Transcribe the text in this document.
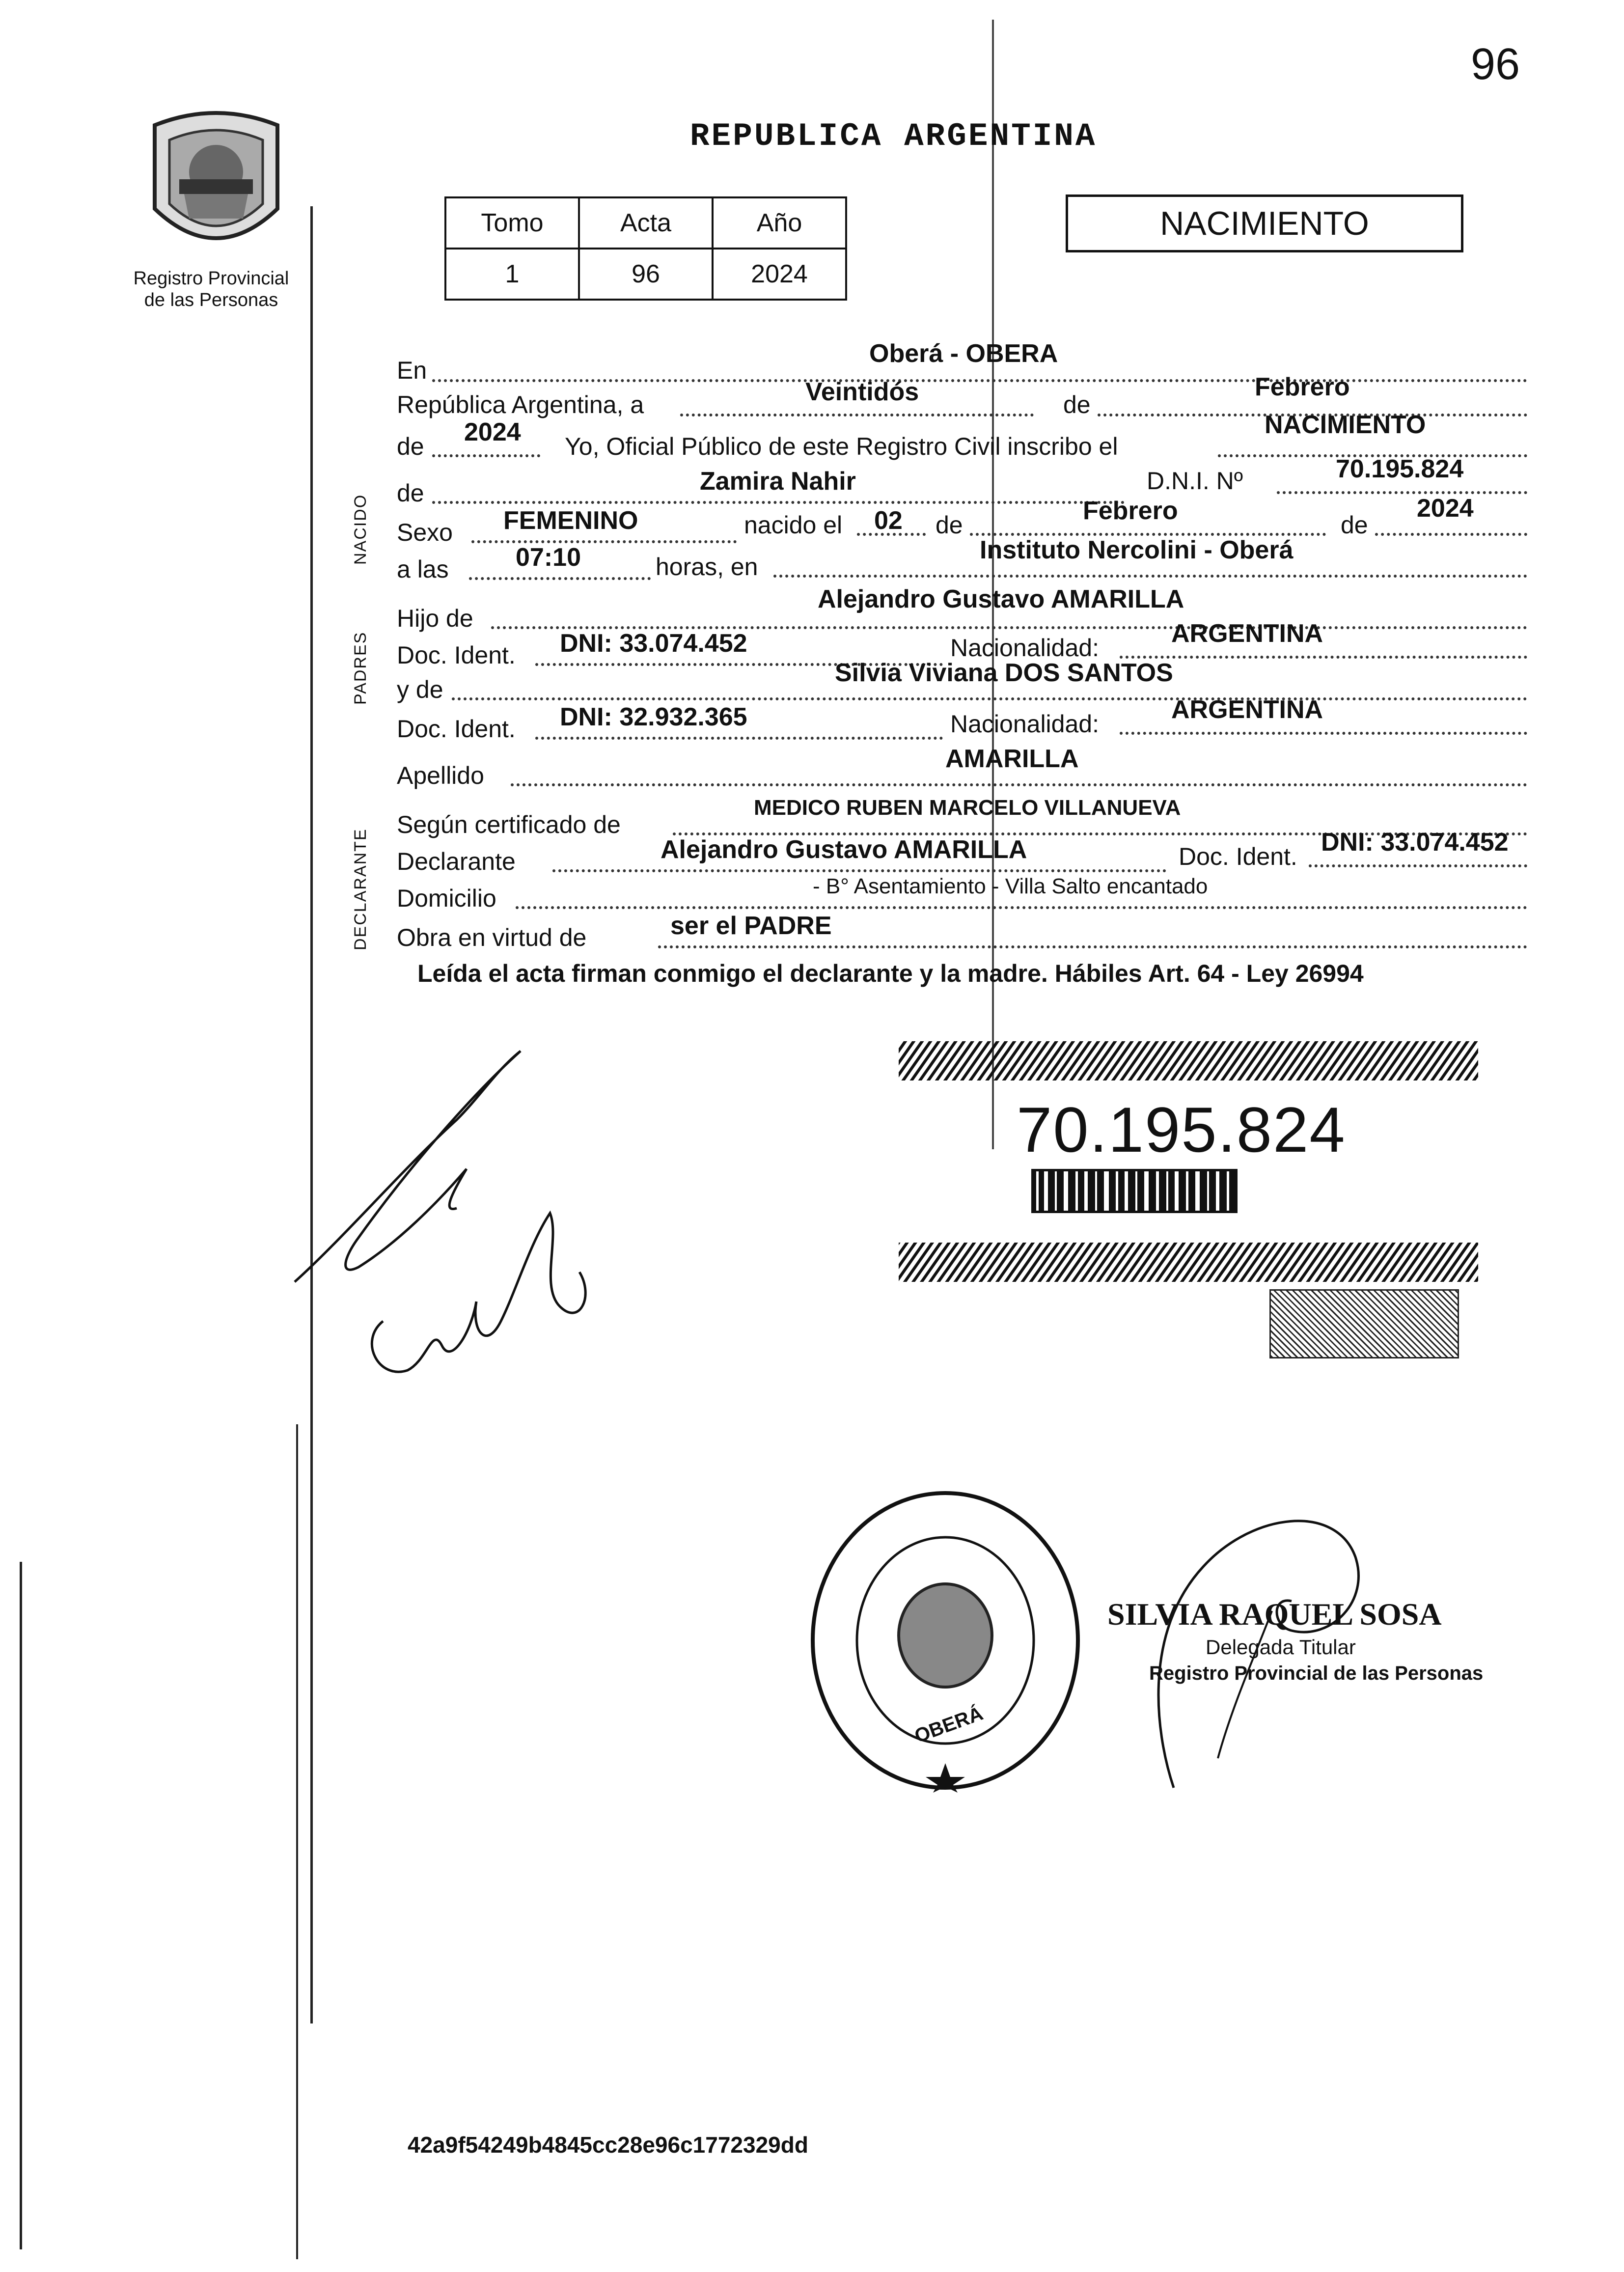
96
Registro Provincial
de las Personas
REPUBLICA ARGENTINA
Tomo	Acta	Año
1	96	2024
NACIMIENTO
NACIDO
PADRES
DECLARANTE
En
Oberá - OBERA
República Argentina, a	Veintidós	de
Febrero
de 2024 Yo, Oficial Público de este Registro Civil inscribo el
NACIMIENTO
de	Zamira Nahir	D.N.I. Nº	70.195.824
Sexo FEMENINO	nacido el 02 de	Febrero	de
2024
a las	07:10	horas, en
Instituto Nercolini - Oberá
Hijo de
Alejandro Gustavo AMARILLA
Doc. Ident. DNI: 33.074.452	Nacionalidad:	ARGENTINA
y de
Silvia Viviana DOS SANTOS
Doc. Ident. DNI: 32.932.365	Nacionalidad:	ARGENTINA
Apellido
AMARILLA
Según certificado de
MEDICO RUBEN MARCELO VILLANUEVA
Declarante	Alejandro Gustavo AMARILLA	Doc. Ident. DNI: 33.074.452
Domicilio	- B° Asentamiento - Villa Salto encantado
Obra en virtud de	ser el PADRE
Leída el acta firman conmigo el declarante y la madre. Hábiles Art. 64 - Ley 26994
70.195.824
OBERÁ
SILVIA RAQUEL SOSA
Delegada Titular
Registro Provincial de las Personas
42a9f54249b4845cc28e96c1772329dd
